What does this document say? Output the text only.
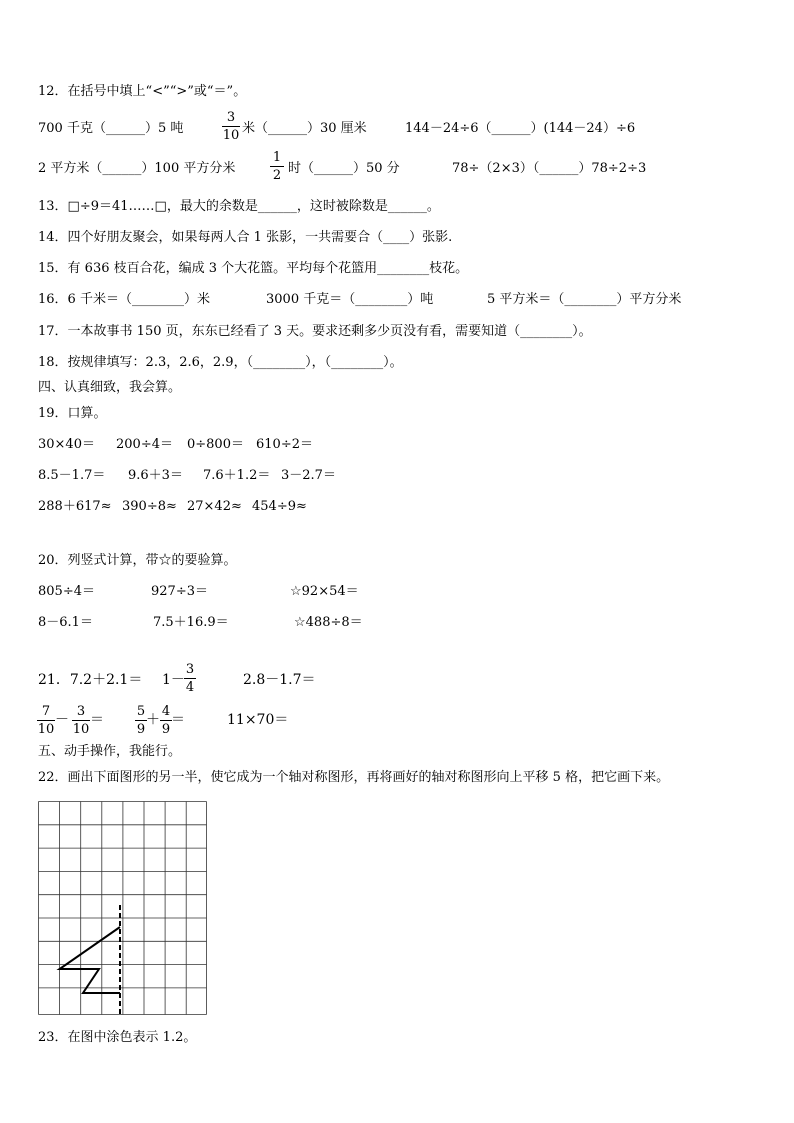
12．在括号中填上“<”“>”或“＝”。
700 千克（______）5 吨
3
10 米（______）30 厘米	144－24÷6（______）(144－24）÷6
2 平方米（______）100 平方分米
1
2 时（______）50 分	78÷（2×3）（______）78÷2÷3
13．□÷9＝41……□，最大的余数是______，这时被除数是______。
14．四个好朋友聚会，如果每两人合 1 张影，一共需要合（____）张影.
15．有 636 枝百合花，编成 3 个大花篮。平均每个花篮用________枝花。
16．6 千米＝（________）米	3000 千克＝（________）吨	5 平方米＝（________）平方分米
17．一本故事书 150 页，东东已经看了 3 天。要求还剩多少页没有看，需要知道（________）。
18．按规律填写：2.3，2.6，2.9，（________），（________）。
四、认真细致，我会算。
19．口算。
30×40＝ 200÷4＝ 0÷800＝ 610÷2＝
8.5－1.7＝ 9.6＋3＝ 7.6＋1.2＝ 3－2.7＝
288＋617≈ 390÷8≈ 27×42≈ 454÷9≈
20．列竖式计算，带☆的要验算。
805÷4＝	927÷3＝	☆92×54＝
8－6.1＝	7.5＋16.9＝	☆488÷8＝
21．7.2＋2.1＝ 1－
3
4	2.8－1.7＝
7
10
－
3
10
＝
5
9
＋
4
9
＝	11×70＝
五、动手操作，我能行。
22．画出下面图形的另一半，使它成为一个轴对称图形，再将画好的轴对称图形向上平移 5 格，把它画下来。
23．在图中涂色表示 1.2。
